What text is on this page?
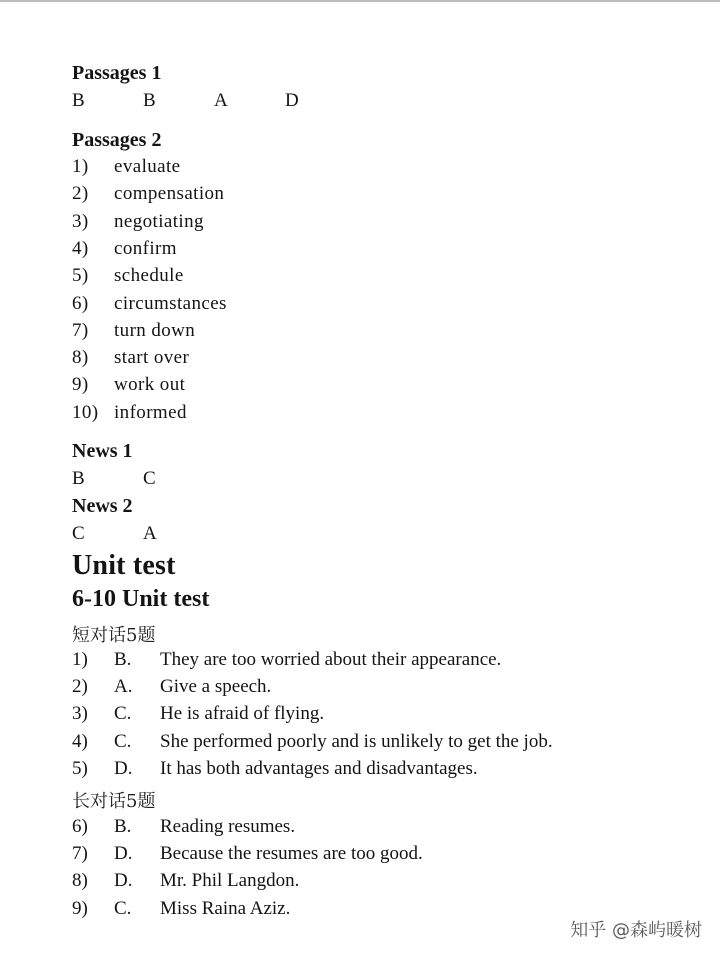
Passages 1
B	B	A	D
Passages 2
1) evaluate
2) compensation
3) negotiating
4) confirm
5) schedule
6) circumstances
7) turn down
8) start over
9) work out
10) informed
News 1
B	C
News 2
C	A
Unit test
6-10 Unit test
短对话5题
1) B. They are too worried about their appearance.
2) A. Give a speech.
3) C. He is afraid of flying.
4) C. She performed poorly and is unlikely to get the job.
5) D. It has both advantages and disadvantages.
长对话5题
6) B. Reading resumes.
7) D. Because the resumes are too good.
8) D. Mr. Phil Langdon.
9) C. Miss Raina Aziz.
知乎 @森屿暖树
